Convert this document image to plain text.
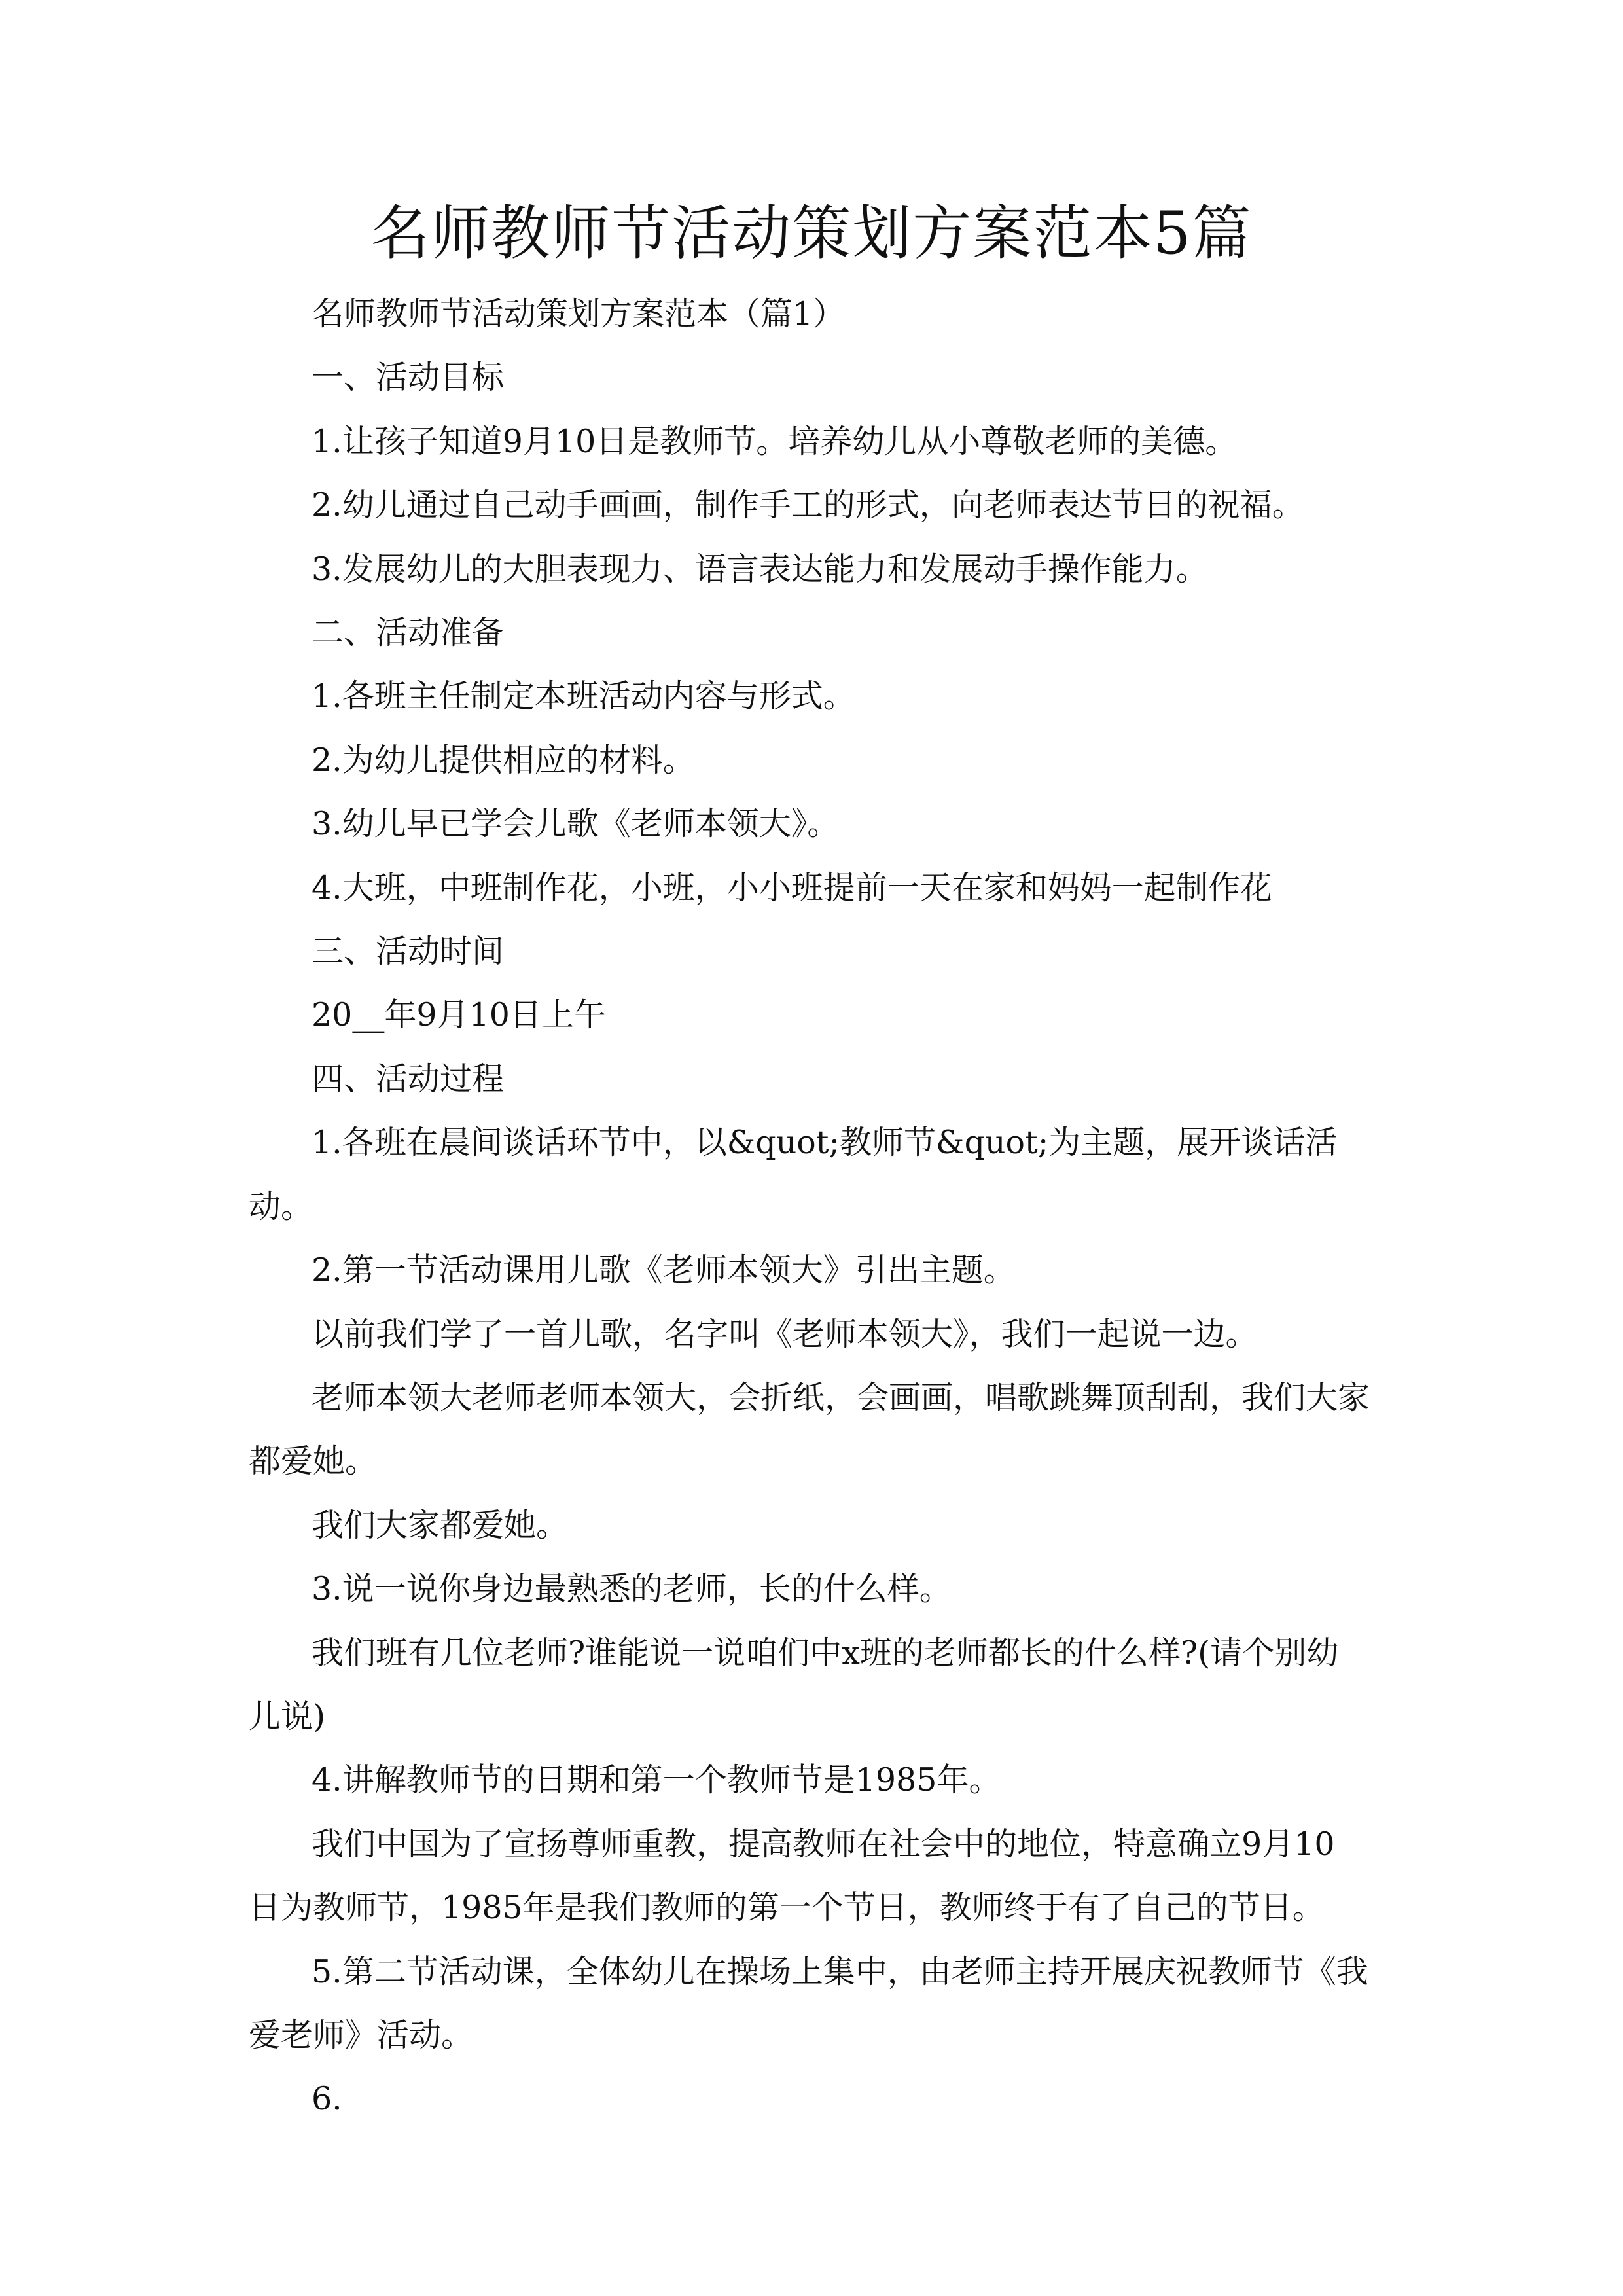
名师教师节活动策划方案范本5篇

名师教师节活动策划方案范本（篇1）

一、活动目标

1.让孩子知道9月10日是教师节。培养幼儿从小尊敬老师的美德。

2.幼儿通过自己动手画画，制作手工的形式，向老师表达节日的祝福。

3.发展幼儿的大胆表现力、语言表达能力和发展动手操作能力。

二、活动准备

1.各班主任制定本班活动内容与形式。

2.为幼儿提供相应的材料。

3.幼儿早已学会儿歌《老师本领大》。

4.大班，中班制作花，小班，小小班提前一天在家和妈妈一起制作花

三、活动时间

20__年9月10日上午

四、活动过程

1.各班在晨间谈话环节中，以&quot;教师节&quot;为主题，展开谈话活动。

2.第一节活动课用儿歌《老师本领大》引出主题。

以前我们学了一首儿歌，名字叫《老师本领大》，我们一起说一边。

老师本领大老师老师本领大，会折纸，会画画，唱歌跳舞顶刮刮，我们大家
都爱她。

我们大家都爱她。

3.说一说你身边最熟悉的老师，长的什么样。

我们班有几位老师?谁能说一说咱们中x班的老师都长的什么样?(请个别幼
儿说)

4.讲解教师节的日期和第一个教师节是1985年。

我们中国为了宣扬尊师重教，提高教师在社会中的地位，特意确立9月10
日为教师节，1985年是我们教师的第一个节日，教师终于有了自己的节日。

5.第二节活动课，全体幼儿在操场上集中，由老师主持开展庆祝教师节《我
爱老师》活动。

6.
